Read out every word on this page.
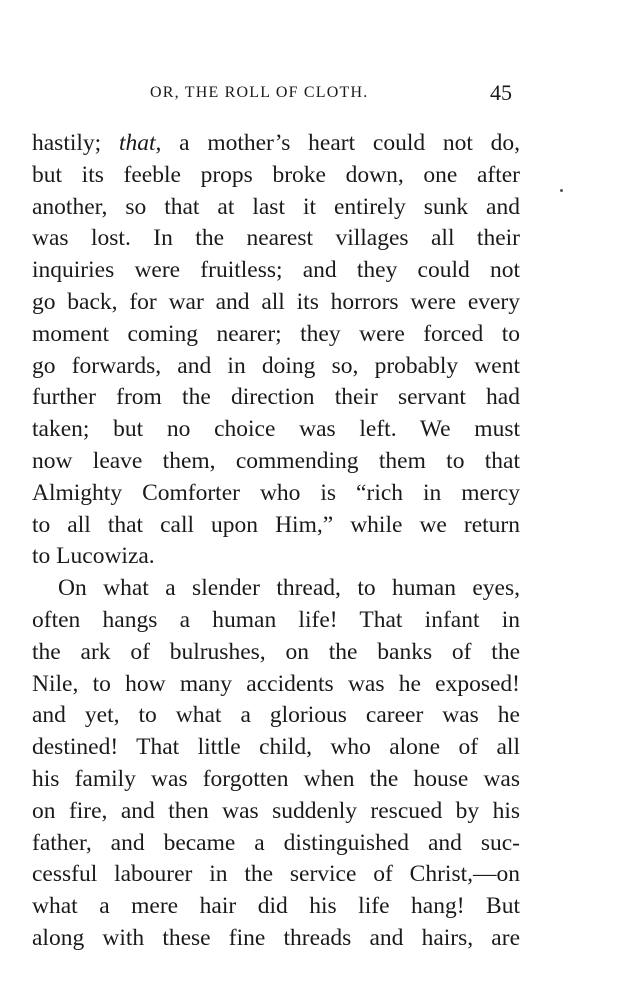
OR, THE ROLL OF CLOTH.	45
hastily; that, a mother’s heart could not do,
but its feeble props broke down, one after
another, so that at last it entirely sunk and
was lost. In the nearest villages all their
inquiries were fruitless; and they could not
go back, for war and all its horrors were every
moment coming nearer; they were forced to
go forwards, and in doing so, probably went
further from the direction their servant had
taken; but no choice was left. We must
now leave them, commending them to that
Almighty Comforter who is “rich in mercy
to all that call upon Him,” while we return
to Lucowiza.
On what a slender thread, to human eyes,
often hangs a human life! That infant in
the ark of bulrushes, on the banks of the
Nile, to how many accidents was he exposed!
and yet, to what a glorious career was he
destined! That little child, who alone of all
his family was forgotten when the house was
on fire, and then was suddenly rescued by his
father, and became a distinguished and suc-
cessful labourer in the service of Christ,—on
what a mere hair did his life hang! But
along with these fine threads and hairs, are
